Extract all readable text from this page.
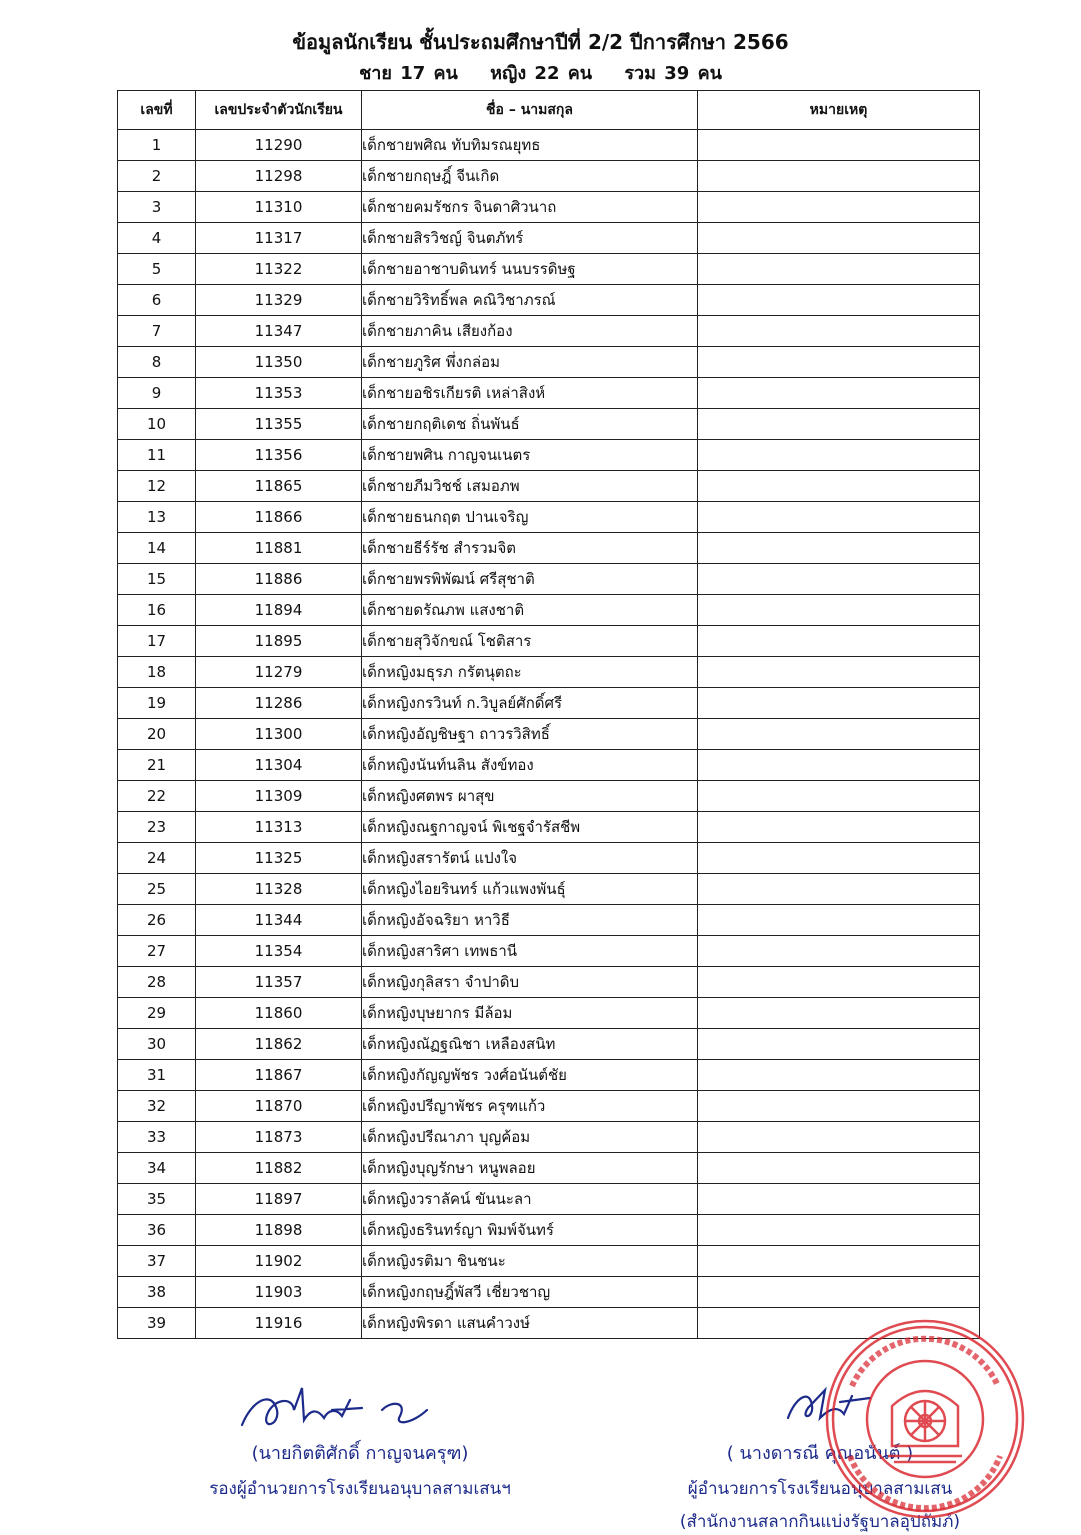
ข้อมูลนักเรียน ชั้นประถมศึกษาปีที่ 2/2 ปีการศึกษา 2566
ชาย 17 คน หญิง 22 คน รวม 39 คน
เลขที่	เลขประจำตัวนักเรียน	ชื่อ – นามสกุล	หมายเหตุ
1	11290	เด็กชายพศิณ ทับทิมรณยุทธ	
2	11298	เด็กชายกฤษฎิ์ จีนเกิด	
3	11310	เด็กชายคมรัชกร จินดาศิวนาถ	
4	11317	เด็กชายสิรวิชญ์ จินตภัทร์	
5	11322	เด็กชายอาชาบดินทร์ นนบรรดิษฐ	
6	11329	เด็กชายวิริทธิ์พล คณิวิชาภรณ์	
7	11347	เด็กชายภาคิน เสียงก้อง	
8	11350	เด็กชายภูริศ พึ่งกล่อม	
9	11353	เด็กชายอชิรเกียรติ เหล่าสิงห์	
10	11355	เด็กชายกฤติเดช ถิ่นพันธ์	
11	11356	เด็กชายพศิน กาญจนเนตร	
12	11865	เด็กชายภีมวิชช์ เสมอภพ	
13	11866	เด็กชายธนกฤต ปานเจริญ	
14	11881	เด็กชายธีร์รัช สำรวมจิต	
15	11886	เด็กชายพรพิพัฒน์ ศรีสุชาติ	
16	11894	เด็กชายดรัณภพ แสงชาติ	
17	11895	เด็กชายสุวิจักขณ์ โชติสาร	
18	11279	เด็กหญิงมธุรภ กรัตนุตถะ	
19	11286	เด็กหญิงกรวินท์ ก.วิบูลย์ศักดิ์ศรี	
20	11300	เด็กหญิงอัญชิษฐา ถาวรวิสิทธิ์	
21	11304	เด็กหญิงนันท์นลิน สังข์ทอง	
22	11309	เด็กหญิงศตพร ผาสุข	
23	11313	เด็กหญิงณฐกาญจน์ พิเชฐจำรัสชีพ	
24	11325	เด็กหญิงสรารัตน์ แปงใจ	
25	11328	เด็กหญิงไอยรินทร์ แก้วแพงพันธุ์	
26	11344	เด็กหญิงอัจฉริยา หาวิธี	
27	11354	เด็กหญิงสาริศา เทพธานี	
28	11357	เด็กหญิงกุลิสรา จำปาดิบ	
29	11860	เด็กหญิงบุษยากร มีล้อม	
30	11862	เด็กหญิงณัฏฐณิชา เหลืองสนิท	
31	11867	เด็กหญิงกัญญพัชร วงศ์อนันต์ชัย	
32	11870	เด็กหญิงปรีญาพัชร ครุฑแก้ว	
33	11873	เด็กหญิงปรีณาภา บุญค้อม	
34	11882	เด็กหญิงบุญรักษา หนูพลอย	
35	11897	เด็กหญิงวราลัคน์ ขันนะลา	
36	11898	เด็กหญิงธรินทร์ญา พิมพ์จันทร์	
37	11902	เด็กหญิงรติมา ชินชนะ	
38	11903	เด็กหญิงกฤษฎิ์พัสวี เชี่ยวชาญ	
39	11916	เด็กหญิงพิรดา แสนคำวงษ์	
(นายกิตติศักดิ์ กาญจนครุฑ)
รองผู้อำนวยการโรงเรียนอนุบาลสามเสนฯ
( นางดารณี คุณอนันต์ )
ผู้อำนวยการโรงเรียนอนุบาลสามเสน
(สำนักงานสลากกินแบ่งรัฐบาลอุปถัมภ์)
